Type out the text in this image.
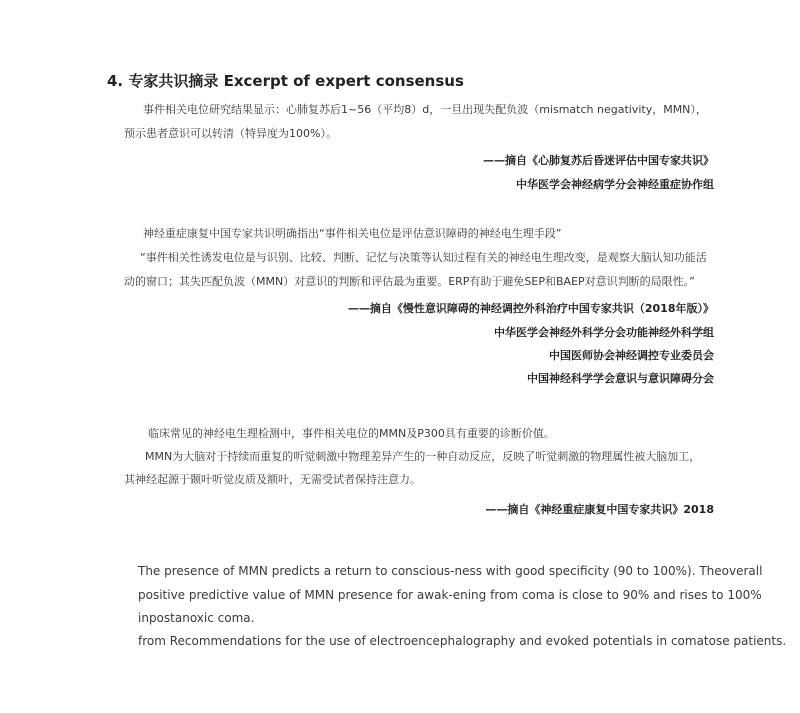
4. 专家共识摘录 Excerpt of expert consensus
事件相关电位研究结果显示：心肺复苏后1~56（平均8）d，一旦出现失配负波（mismatch negativity，MMN），
预示患者意识可以转清（特异度为100%）。
——摘自《心肺复苏后昏迷评估中国专家共识》
中华医学会神经病学分会神经重症协作组
神经重症康复中国专家共识明确指出“事件相关电位是评估意识障碍的神经电生理手段”
“事件相关性诱发电位是与识别、比较、判断、记忆与决策等认知过程有关的神经电生理改变，是观察大脑认知功能活
动的窗口；其失匹配负波（MMN）对意识的判断和评估最为重要。ERP有助于避免SEP和BAEP对意识判断的局限性。”
——摘自《慢性意识障碍的神经调控外科治疗中国专家共识（2018年版）》
中华医学会神经外科学分会功能神经外科学组
中国医师协会神经调控专业委员会
中国神经科学学会意识与意识障碍分会
临床常见的神经电生理检测中，事件相关电位的MMN及P300具有重要的诊断价值。
MMN为大脑对于持续而重复的听觉刺激中物理差异产生的一种自动反应，反映了听觉刺激的物理属性被大脑加工，
其神经起源于颞叶听觉皮质及额叶，无需受试者保持注意力。
——摘自《神经重症康复中国专家共识》2018
The presence of MMN predicts a return to conscious-ness with good specificity (90 to 100%). Theoverall
positive predictive value of MMN presence for awak-ening from coma is close to 90% and rises to 100%
inpostanoxic coma.
from Recommendations for the use of electroencephalography and evoked potentials in comatose patients.
